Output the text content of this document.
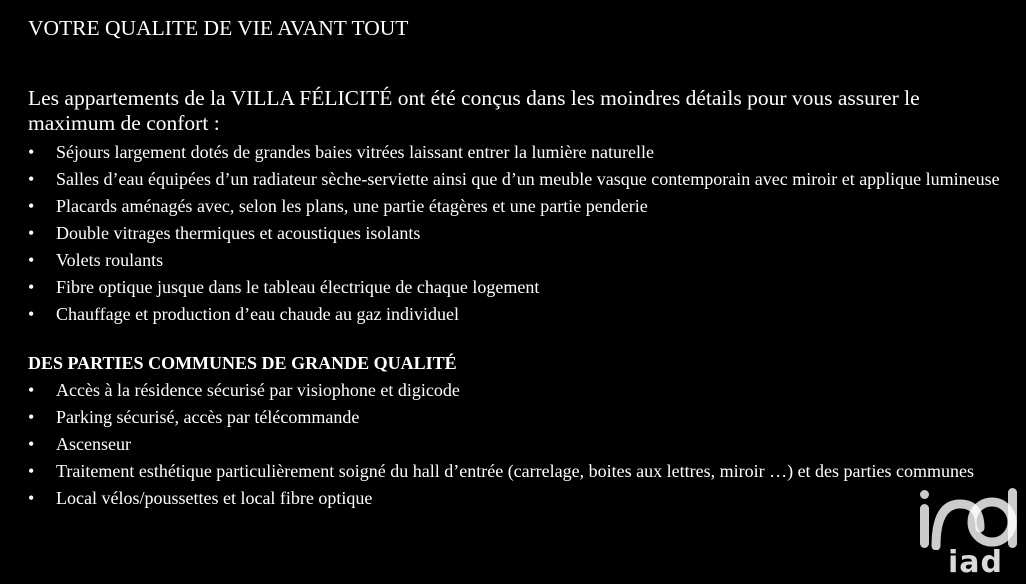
VOTRE QUALITE DE VIE AVANT TOUT
Les appartements de la VILLA FÉLICITÉ ont été conçus dans les moindres détails pour vous assurer le maximum de confort :
• Séjours largement dotés de grandes baies vitrées laissant entrer la lumière naturelle
• Salles d’eau équipées d’un radiateur sèche-serviette ainsi que d’un meuble vasque contemporain avec miroir et applique lumineuse
• Placards aménagés avec, selon les plans, une partie étagères et une partie penderie
• Double vitrages thermiques et acoustiques isolants
• Volets roulants
• Fibre optique jusque dans le tableau électrique de chaque logement
• Chauffage et production d’eau chaude au gaz individuel
DES PARTIES COMMUNES DE GRANDE QUALITÉ
• Accès à la résidence sécurisé par visiophone et digicode
• Parking sécurisé, accès par télécommande
• Ascenseur
• Traitement esthétique particulièrement soigné du hall d’entrée (carrelage, boites aux lettres, miroir …) et des parties communes
• Local vélos/poussettes et local fibre optique
iad
